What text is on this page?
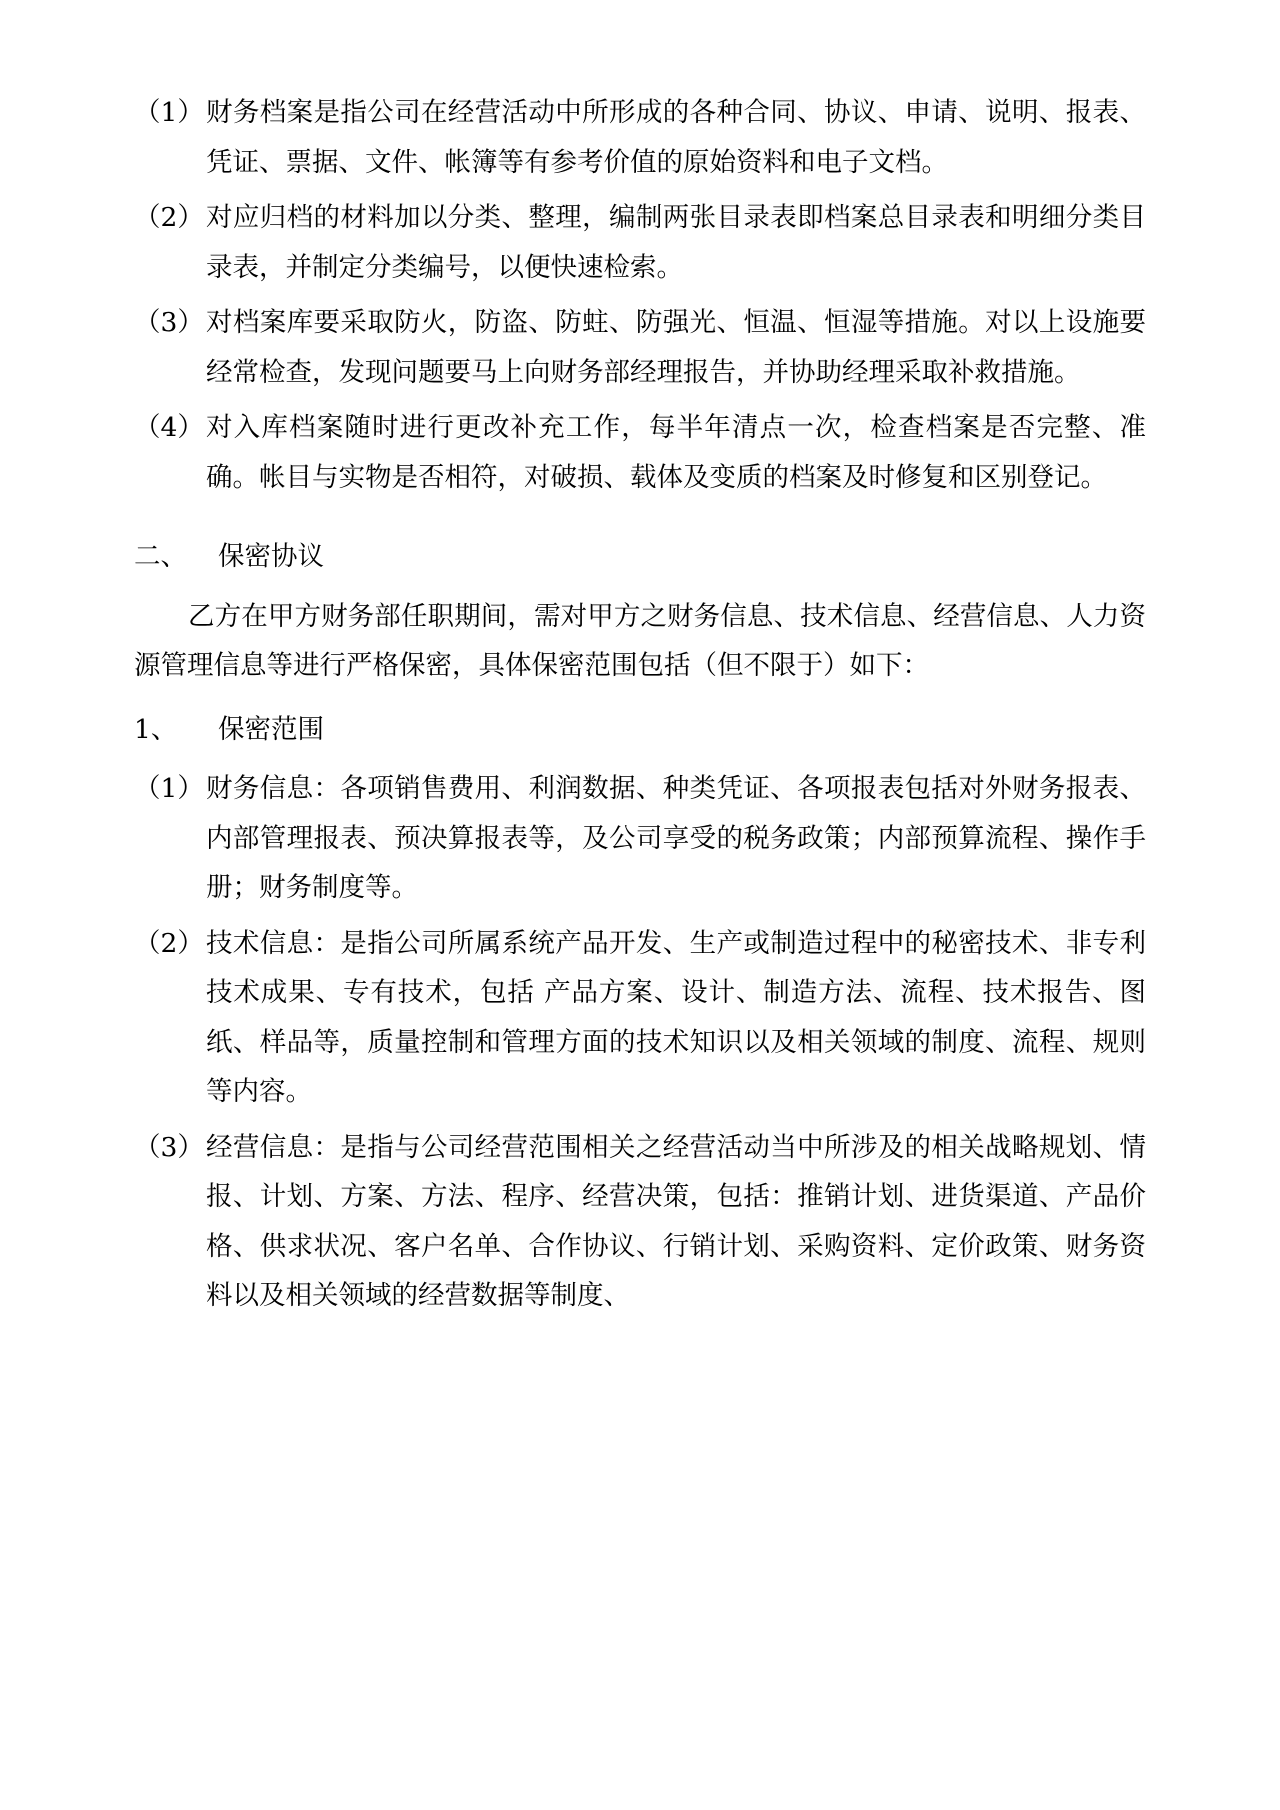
（1） 财务档案是指公司在经营活动中所形成的各种合同、协议、申请、说明、报表、凭证、票据、文件、帐簿等有参考价值的原始资料和电子文档。
（2） 对应归档的材料加以分类、整理，编制两张目录表即档案总目录表和明细分类目录表，并制定分类编号，以便快速检索。
（3） 对档案库要采取防火，防盗、防蛀、防强光、恒温、恒湿等措施。对以上设施要经常检查，发现问题要马上向财务部经理报告，并协助经理采取补救措施。
（4） 对入库档案随时进行更改补充工作，每半年清点一次，检查档案是否完整、准确。帐目与实物是否相符，对破损、载体及变质的档案及时修复和区别登记。
二、	保密协议
乙方在甲方财务部任职期间，需对甲方之财务信息、技术信息、经营信息、人力资源管理信息等进行严格保密，具体保密范围包括（但不限于）如下：
1、	保密范围
（1） 财务信息：各项销售费用、利润数据、种类凭证、各项报表包括对外财务报表、内部管理报表、预决算报表等，及公司享受的税务政策；内部预算流程、操作手册；财务制度等。
（2） 技术信息：是指公司所属系统产品开发、生产或制造过程中的秘密技术、非专利技术成果、专有技术，包括 产品方案、设计、制造方法、流程、技术报告、图纸、样品等，质量控制和管理方面的技术知识以及相关领域的制度、流程、规则等内容。
（3） 经营信息：是指与公司经营范围相关之经营活动当中所涉及的相关战略规划、情报、计划、方案、方法、程序、经营决策，包括：推销计划、进货渠道、产品价格、供求状况、客户名单、合作协议、行销计划、采购资料、定价政策、财务资料以及相关领域的经营数据等制度、
